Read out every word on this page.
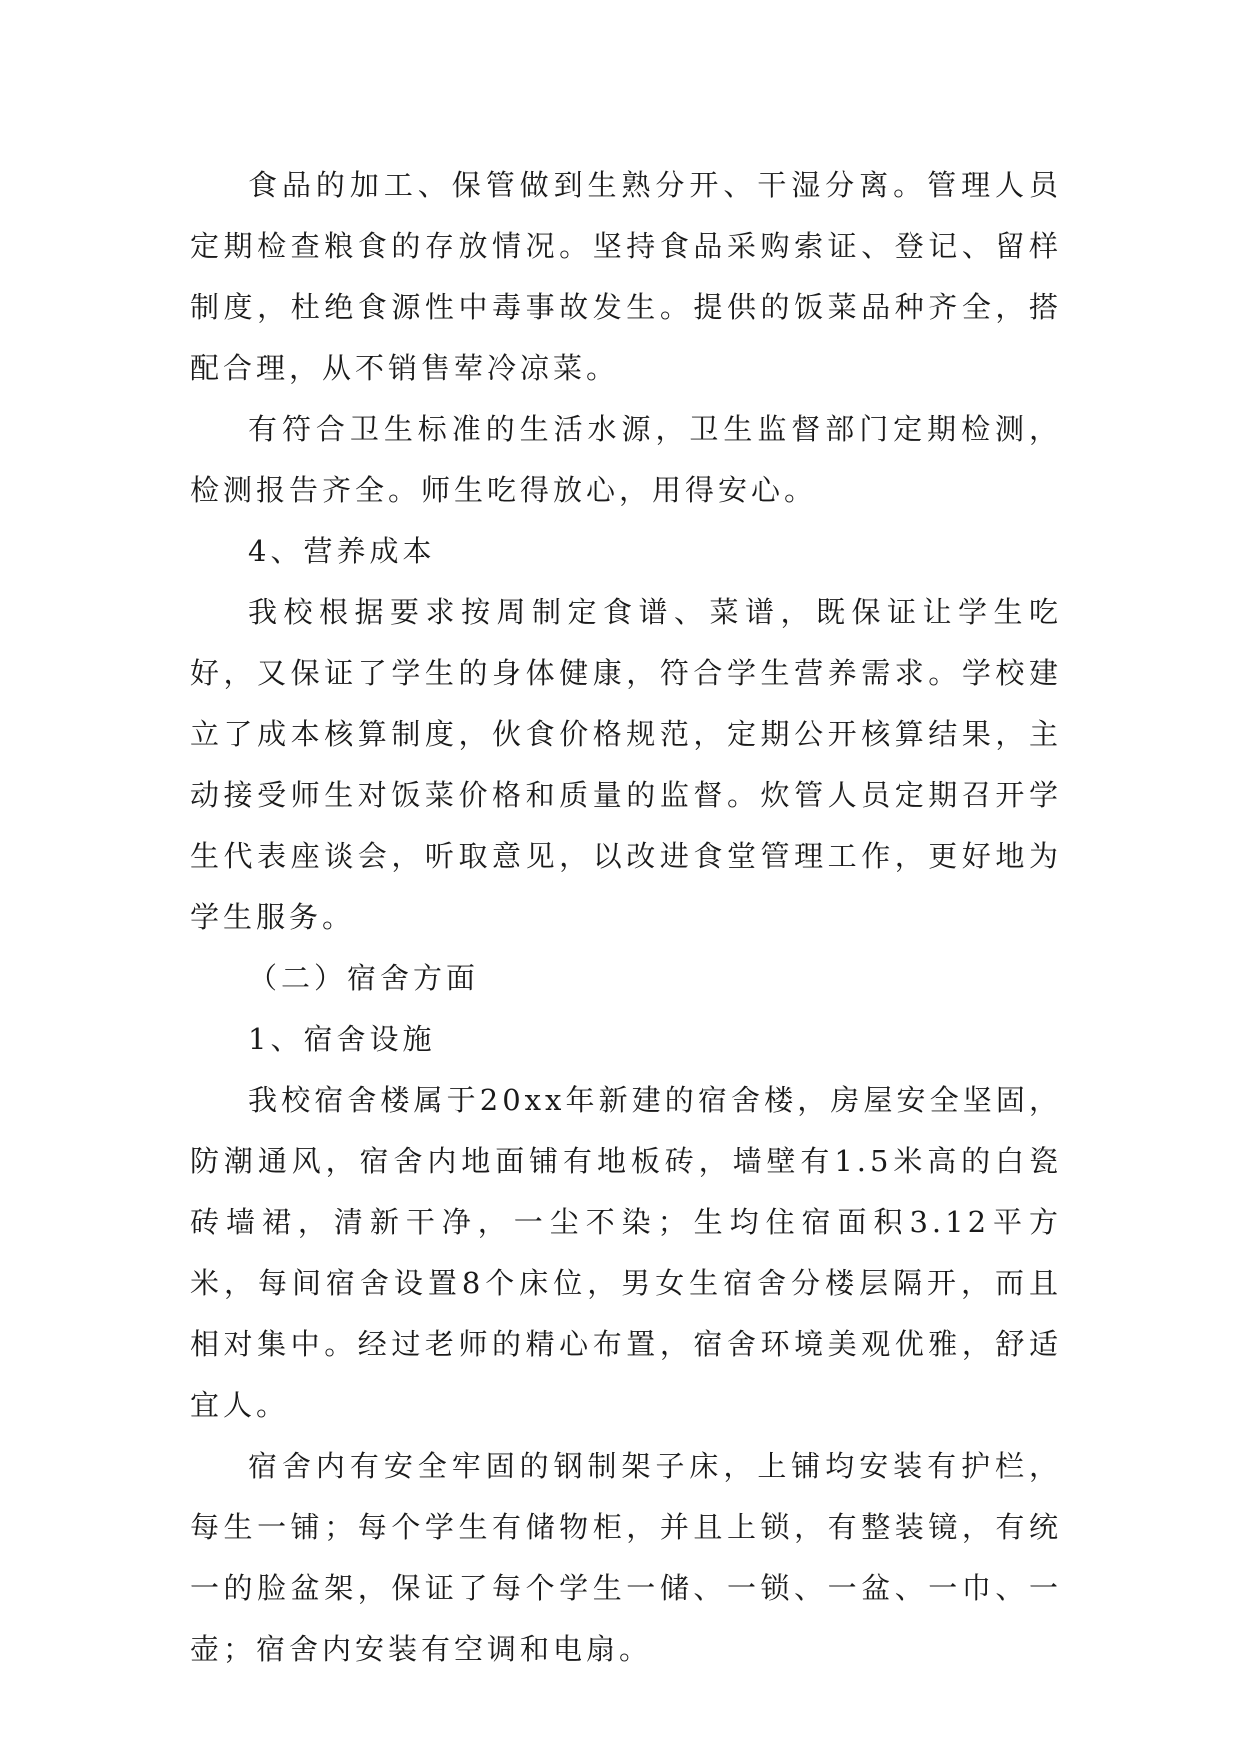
食品的加工、保管做到生熟分开、干湿分离。管理人员定期检查粮食的存放情况。坚持食品采购索证、登记、留样制度，杜绝食源性中毒事故发生。提供的饭菜品种齐全，搭配合理，从不销售荤冷凉菜。

有符合卫生标准的生活水源，卫生监督部门定期检测，检测报告齐全。师生吃得放心，用得安心。

4、营养成本

我校根据要求按周制定食谱、菜谱，既保证让学生吃好，又保证了学生的身体健康，符合学生营养需求。学校建立了成本核算制度，伙食价格规范，定期公开核算结果，主动接受师生对饭菜价格和质量的监督。炊管人员定期召开学生代表座谈会，听取意见，以改进食堂管理工作，更好地为学生服务。

（二）宿舍方面

1、宿舍设施

我校宿舍楼属于20xx年新建的宿舍楼，房屋安全坚固，防潮通风，宿舍内地面铺有地板砖，墙壁有1.5米高的白瓷砖墙裙，清新干净，一尘不染；生均住宿面积3.12平方米，每间宿舍设置8个床位，男女生宿舍分楼层隔开，而且相对集中。经过老师的精心布置，宿舍环境美观优雅，舒适宜人。

宿舍内有安全牢固的钢制架子床，上铺均安装有护栏，每生一铺；每个学生有储物柜，并且上锁，有整装镜，有统一的脸盆架，保证了每个学生一储、一锁、一盆、一巾、一壶；宿舍内安装有空调和电扇。
